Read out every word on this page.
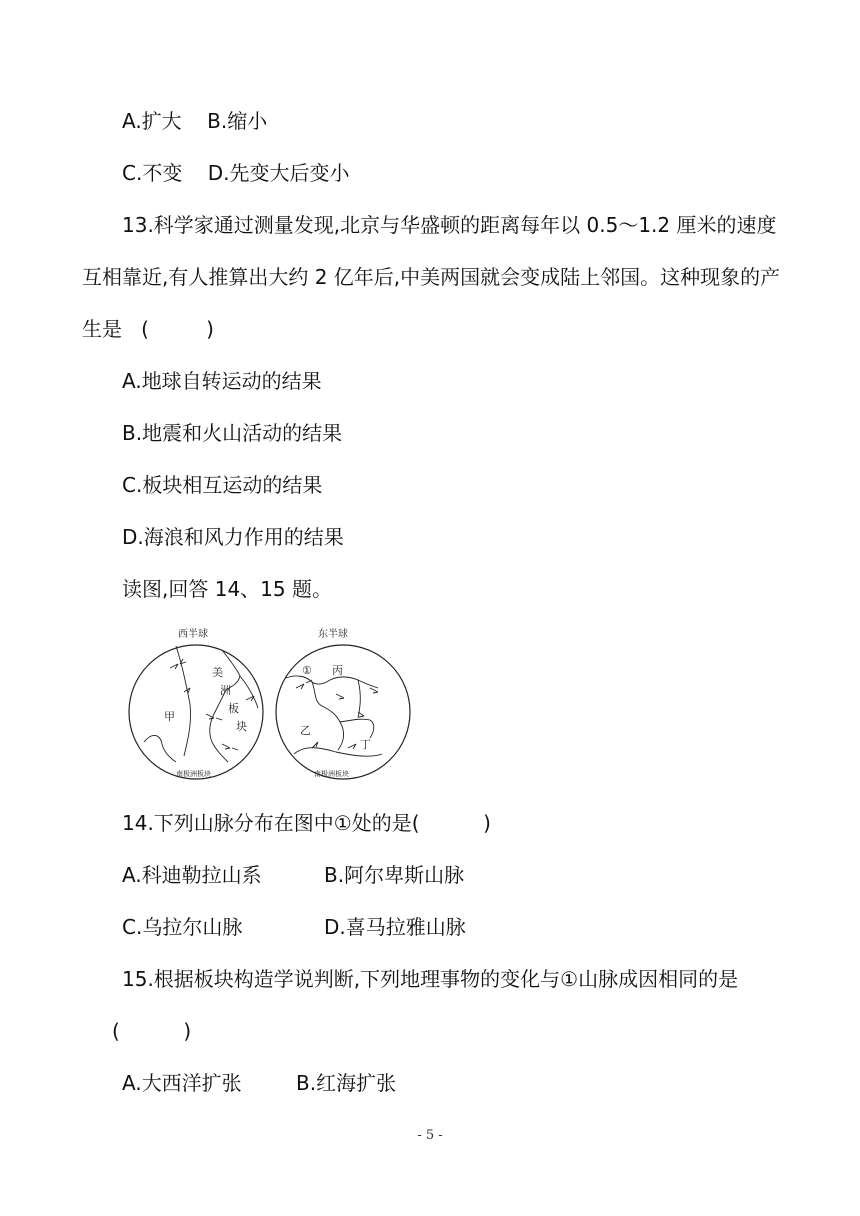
A.扩大    B.缩小
C.不变    D.先变大后变小
13.科学家通过测量发现,北京与华盛顿的距离每年以 0.5～1.2 厘米的速度
互相靠近,有人推算出大约 2 亿年后,中美两国就会变成陆上邻国。这种现象的产
生是   (         )
A.地球自转运动的结果
B.地震和火山活动的结果
C.板块相互运动的结果
D.海浪和风力作用的结果
读图,回答 14、15 题。
西半球	东半球
美
洲
板
块
甲
南极洲板块
① 丙
乙
丁
南极洲板块
14.下列山脉分布在图中①处的是(          )
A.科迪勒拉山系	B.阿尔卑斯山脉
C.乌拉尔山脉	D.喜马拉雅山脉
15.根据板块构造学说判断,下列地理事物的变化与①山脉成因相同的是
(          )
A.大西洋扩张	B.红海扩张
- 5 -
